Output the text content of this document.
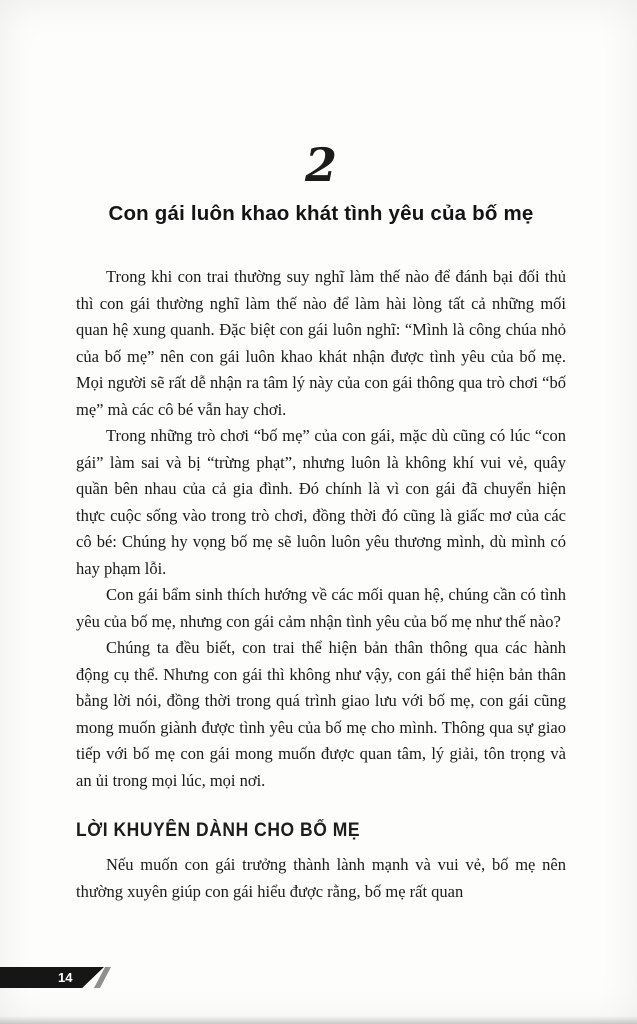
2
Con gái luôn khao khát tình yêu của bố mẹ

Trong khi con trai thường suy nghĩ làm thế nào để đánh bại đối thủ thì con gái thường nghĩ làm thế nào để làm hài lòng tất cả những mối quan hệ xung quanh. Đặc biệt con gái luôn nghĩ: “Mình là công chúa nhỏ của bố mẹ” nên con gái luôn khao khát nhận được tình yêu của bố mẹ. Mọi người sẽ rất dễ nhận ra tâm lý này của con gái thông qua trò chơi “bố mẹ” mà các cô bé vẫn hay chơi.

Trong những trò chơi “bố mẹ” của con gái, mặc dù cũng có lúc “con gái” làm sai và bị “trừng phạt”, nhưng luôn là không khí vui vẻ, quây quần bên nhau của cả gia đình. Đó chính là vì con gái đã chuyển hiện thực cuộc sống vào trong trò chơi, đồng thời đó cũng là giấc mơ của các cô bé: Chúng hy vọng bố mẹ sẽ luôn luôn yêu thương mình, dù mình có hay phạm lỗi.

Con gái bẩm sinh thích hướng về các mối quan hệ, chúng cần có tình yêu của bố mẹ, nhưng con gái cảm nhận tình yêu của bố mẹ như thế nào?

Chúng ta đều biết, con trai thể hiện bản thân thông qua các hành động cụ thể. Nhưng con gái thì không như vậy, con gái thể hiện bản thân bằng lời nói, đồng thời trong quá trình giao lưu với bố mẹ, con gái cũng mong muốn giành được tình yêu của bố mẹ cho mình. Thông qua sự giao tiếp với bố mẹ con gái mong muốn được quan tâm, lý giải, tôn trọng và an ủi trong mọi lúc, mọi nơi.

LỜI KHUYÊN DÀNH CHO BỐ MẸ

Nếu muốn con gái trưởng thành lành mạnh và vui vẻ, bố mẹ nên thường xuyên giúp con gái hiểu được rằng, bố mẹ rất quan

14
